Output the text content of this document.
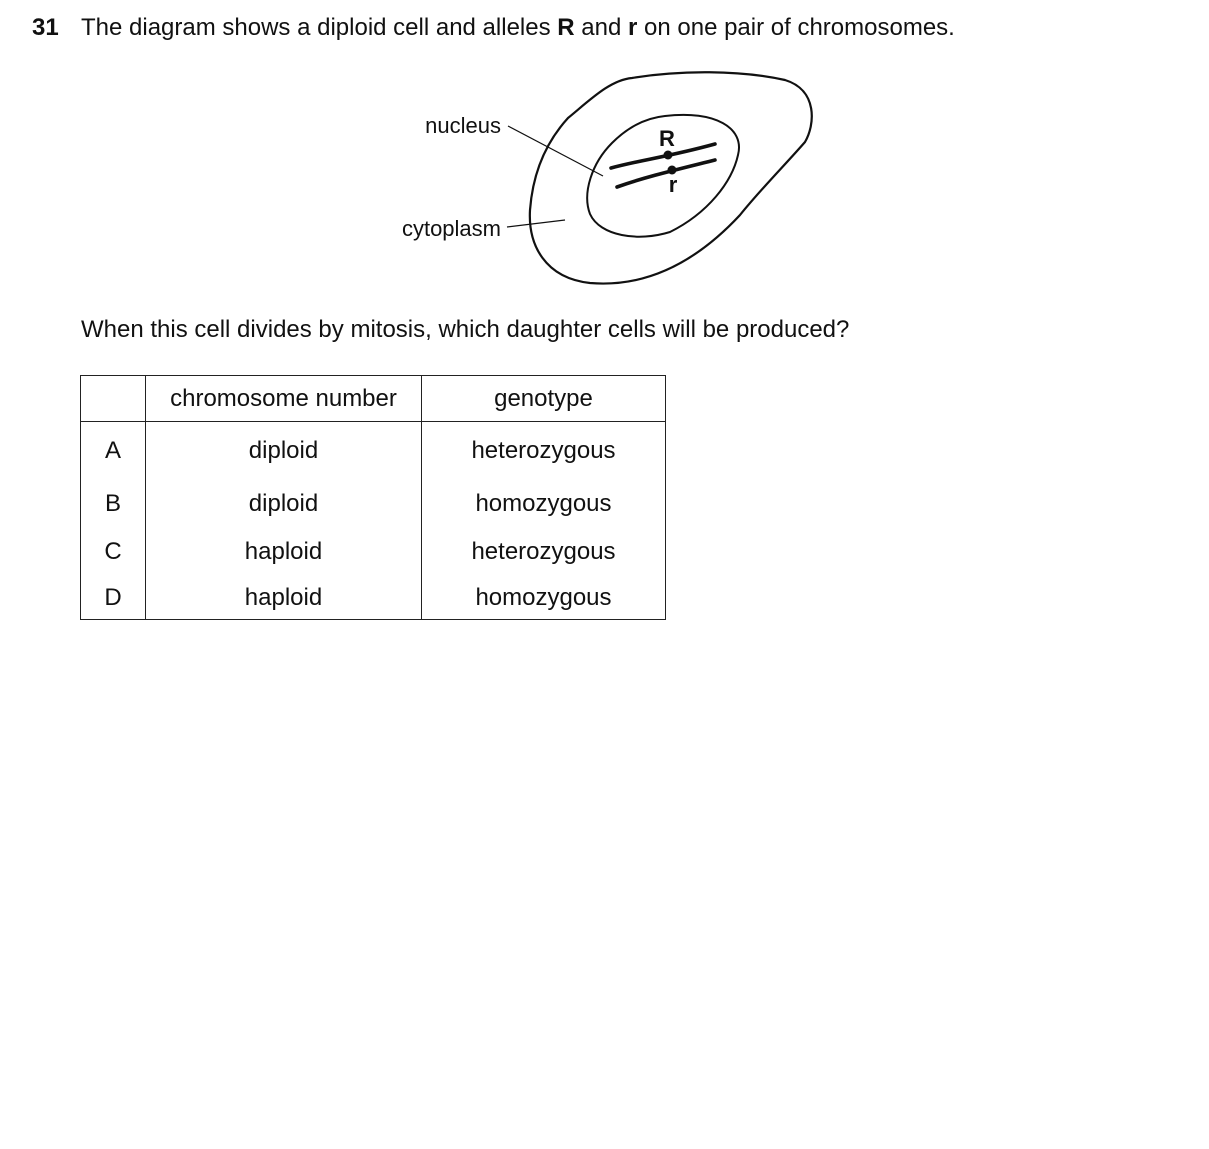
31 The diagram shows a diploid cell and alleles R and r on one pair of chromosomes.
R
r
nucleus
cytoplasm
When this cell divides by mitosis, which daughter cells will be produced?
	chromosome number	genotype
A	diploid	heterozygous
B	diploid	homozygous
C	haploid	heterozygous
D	haploid	homozygous
